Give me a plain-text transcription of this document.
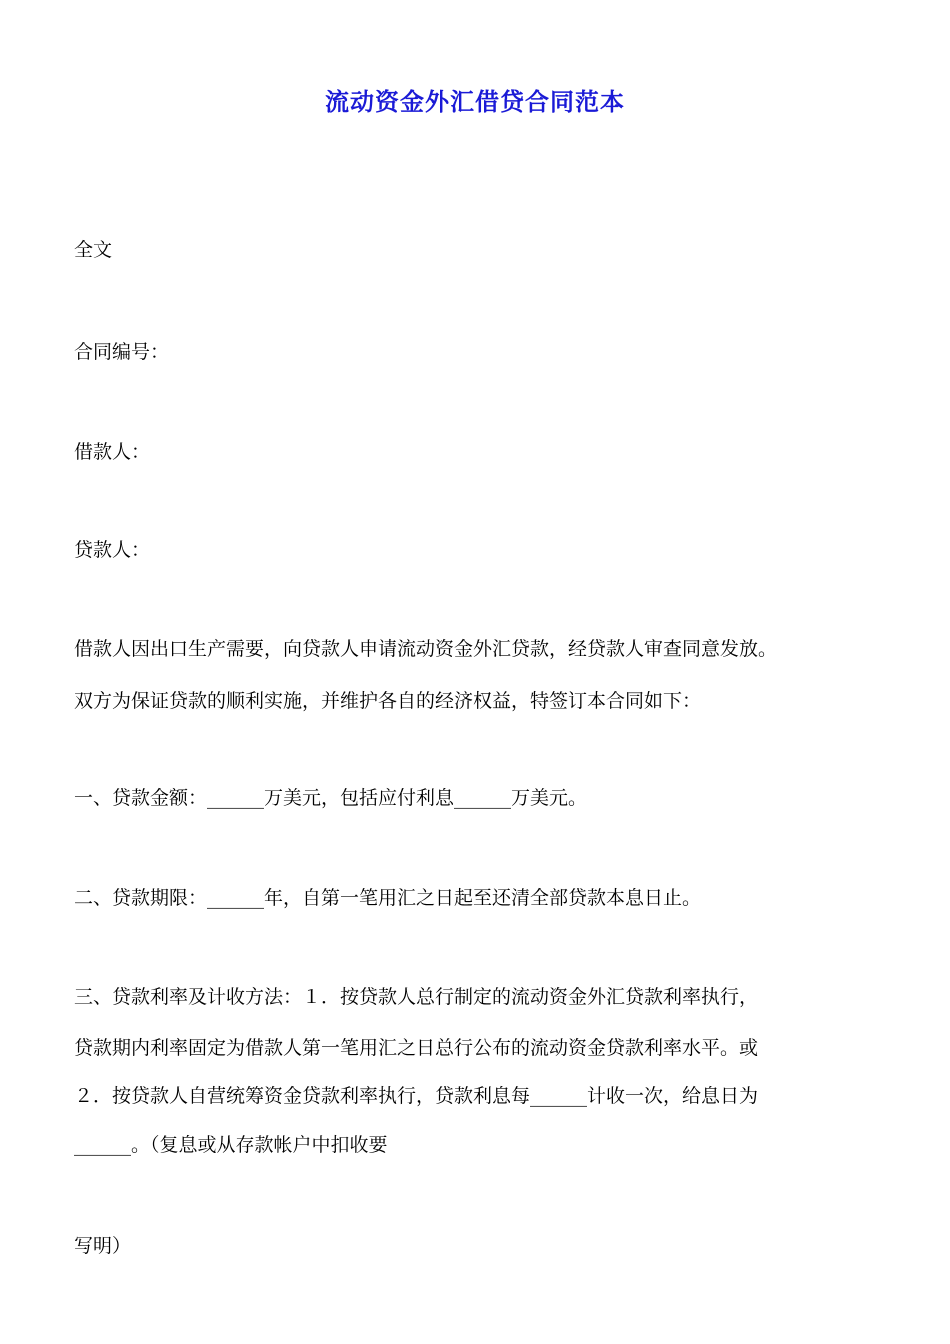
流动资金外汇借贷合同范本

全文

合同编号：

借款人：

贷款人：

借款人因出口生产需要，向贷款人申请流动资金外汇贷款，经贷款人审查同意发放。

双方为保证贷款的顺利实施，并维护各自的经济权益，特签订本合同如下：

一、贷款金额：______万美元，包括应付利息______万美元。

二、贷款期限：______年，自第一笔用汇之日起至还清全部贷款本息日止。

三、贷款利率及计收方法：１．按贷款人总行制定的流动资金外汇贷款利率执行，

贷款期内利率固定为借款人第一笔用汇之日总行公布的流动资金贷款利率水平。或

２．按贷款人自营统筹资金贷款利率执行，贷款利息每______计收一次，给息日为

______。（复息或从存款帐户中扣收要

写明）
